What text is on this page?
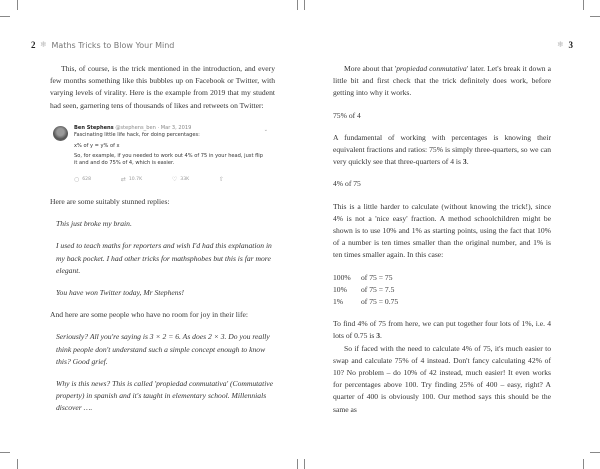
2 ❄ Maths Tricks to Blow Your Mind

This, of course, is the trick mentioned in the introduction, and every few months something like this bubbles up on Facebook or Twitter, with varying levels of virality. Here is the example from 2019 that my student had seen, garnering tens of thousands of likes and retweets on Twitter:

Ben Stephens @stephens_ben · Mar 3, 2019
Fascinating little life hack, for doing percentages:
x% of y = y% of x
So, for example, if you needed to work out 4% of 75 in your head, just flip it and and do 75% of 4, which is easier.
⌄
○ 628	⇄ 10.7K	♡ 33K	⇧

Here are some suitably stunned replies:

This just broke my brain.

I used to teach maths for reporters and wish I'd had this explanation in my back pocket. I had other tricks for mathsphobes but this is far more elegant.

You have won Twitter today, Mr Stephens!

And here are some people who have no room for joy in their life:

Seriously? All you're saying is 3 × 2 = 6. As does 2 × 3. Do you really think people don't understand such a simple concept enough to know this? Good grief.

Why is this news? This is called 'propiedad conmutativa' (Commutative property) in spanish and it's taught in elementary school. Millennials discover ….

❄ 3

More about that 'propiedad conmutativa' later. Let's break it down a little bit and first check that the trick definitely does work, before getting into why it works.

75% of 4

A fundamental of working with percentages is knowing their equivalent fractions and ratios: 75% is simply three-quarters, so we can very quickly see that three-quarters of 4 is 3.

4% of 75

This is a little harder to calculate (without knowing the trick!), since 4% is not a 'nice easy' fraction. A method schoolchildren might be shown is to use 10% and 1% as starting points, using the fact that 10% of a number is ten times smaller than the original number, and 1% is ten times smaller again. In this case:

100%	of 75 = 75
10%	of 75 = 7.5
1%	of 75 = 0.75

To find 4% of 75 from here, we can put together four lots of 1%, i.e. 4 lots of 0.75 is 3.

So if faced with the need to calculate 4% of 75, it's much easier to swap and calculate 75% of 4 instead. Don't fancy calculating 42% of 10? No problem – do 10% of 42 instead, much easier! It even works for percentages above 100. Try finding 25% of 400 – easy, right? A quarter of 400 is obviously 100. Our method says this should be the same as
